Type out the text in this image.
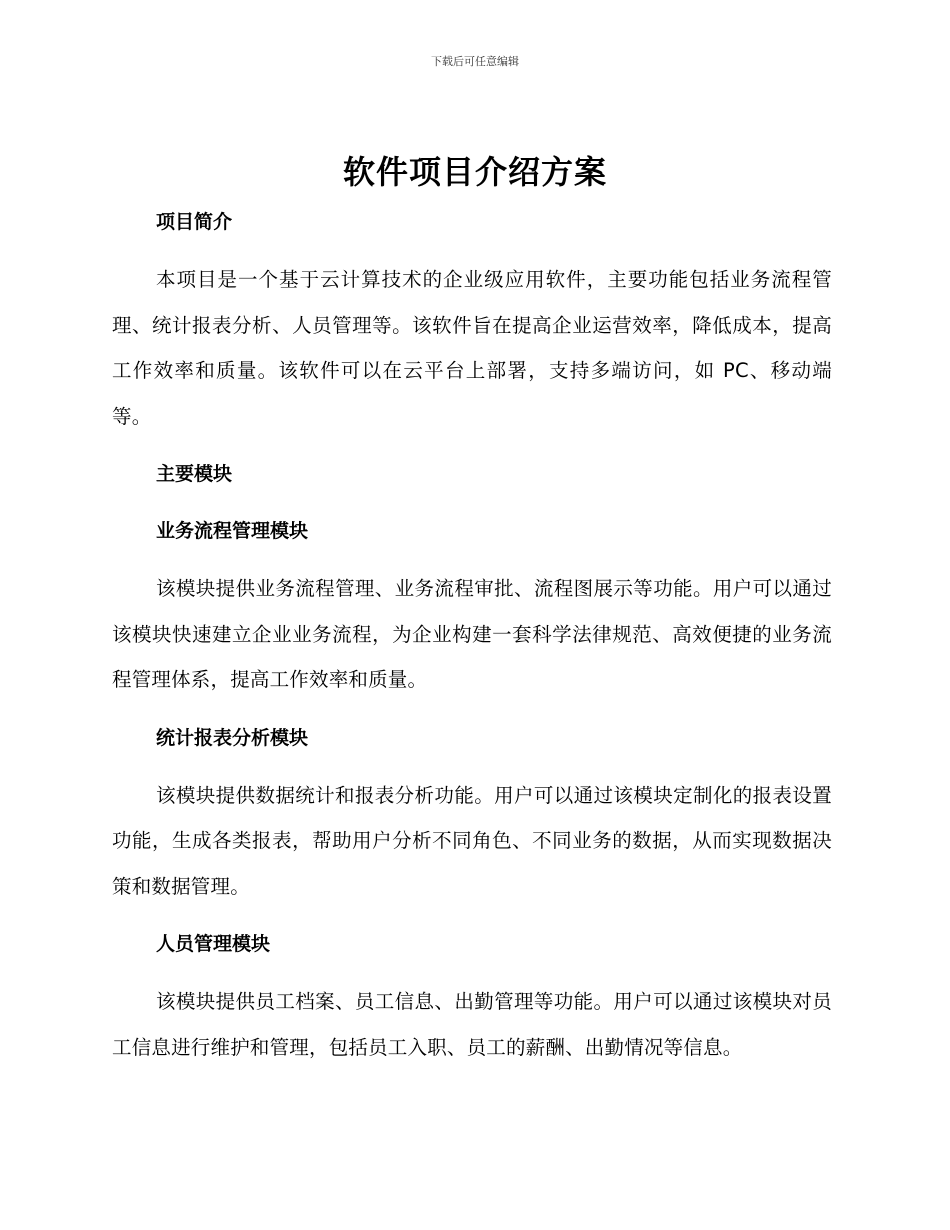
下载后可任意编辑
软件项目介绍方案
项目简介

本项目是一个基于云计算技术的企业级应用软件，主要功能包括业务流程管理、统计报表分析、人员管理等。该软件旨在提高企业运营效率，降低成本，提高工作效率和质量。该软件可以在云平台上部署，支持多端访问，如 PC、移动端等。

主要模块
业务流程管理模块

该模块提供业务流程管理、业务流程审批、流程图展示等功能。用户可以通过该模块快速建立企业业务流程，为企业构建一套科学法律规范、高效便捷的业务流程管理体系，提高工作效率和质量。

统计报表分析模块

该模块提供数据统计和报表分析功能。用户可以通过该模块定制化的报表设置功能，生成各类报表，帮助用户分析不同角色、不同业务的数据，从而实现数据决策和数据管理。

人员管理模块

该模块提供员工档案、员工信息、出勤管理等功能。用户可以通过该模块对员工信息进行维护和管理，包括员工入职、员工的薪酬、出勤情况等信息。
